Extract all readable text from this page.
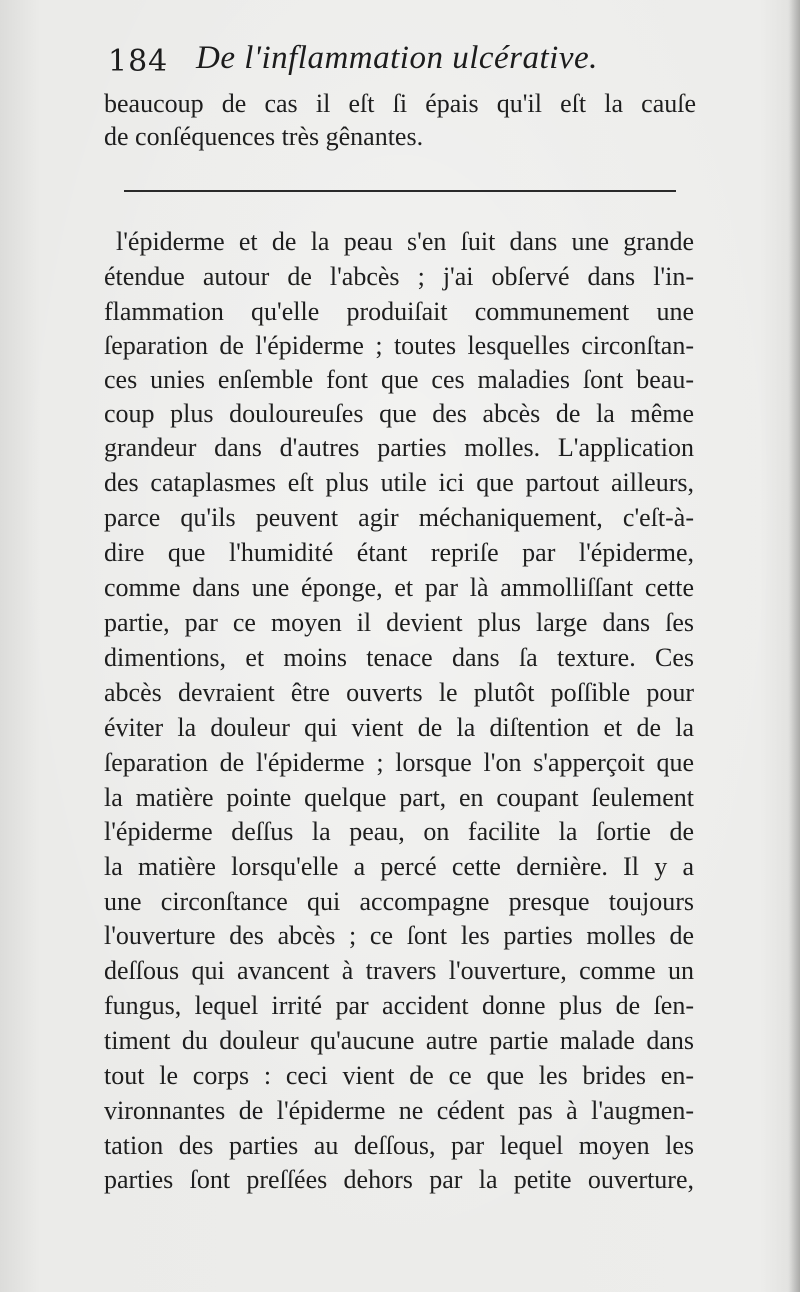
184 De l'inflammation ulcérative.
beaucoup de cas il eſt ſi épais qu'il eſt la cauſe
de conſéquences très gênantes.
l'épiderme et de la peau s'en ſuit dans une grande
étendue autour de l'abcès ; j'ai obſervé dans l'in-
flammation qu'elle produiſait communement une
ſeparation de l'épiderme ; toutes lesquelles circonſtan-
ces unies enſemble font que ces maladies ſont beau-
coup plus douloureuſes que des abcès de la même
grandeur dans d'autres parties molles. L'application
des cataplasmes eſt plus utile ici que partout ailleurs,
parce qu'ils peuvent agir méchaniquement, c'eſt-à-
dire que l'humidité étant repriſe par l'épiderme,
comme dans une éponge, et par là ammolliſſant cette
partie, par ce moyen il devient plus large dans ſes
dimentions, et moins tenace dans ſa texture. Ces
abcès devraient être ouverts le plutôt poſſible pour
éviter la douleur qui vient de la diſtention et de la
ſeparation de l'épiderme ; lorsque l'on s'apperçoit que
la matière pointe quelque part, en coupant ſeulement
l'épiderme deſſus la peau, on facilite la ſortie de
la matière lorsqu'elle a percé cette dernière. Il y a
une circonſtance qui accompagne presque toujours
l'ouverture des abcès ; ce ſont les parties molles de
deſſous qui avancent à travers l'ouverture, comme un
fungus, lequel irrité par accident donne plus de ſen-
timent du douleur qu'aucune autre partie malade dans
tout le corps : ceci vient de ce que les brides en-
vironnantes de l'épiderme ne cédent pas à l'augmen-
tation des parties au deſſous, par lequel moyen les
parties ſont preſſées dehors par la petite ouverture,
